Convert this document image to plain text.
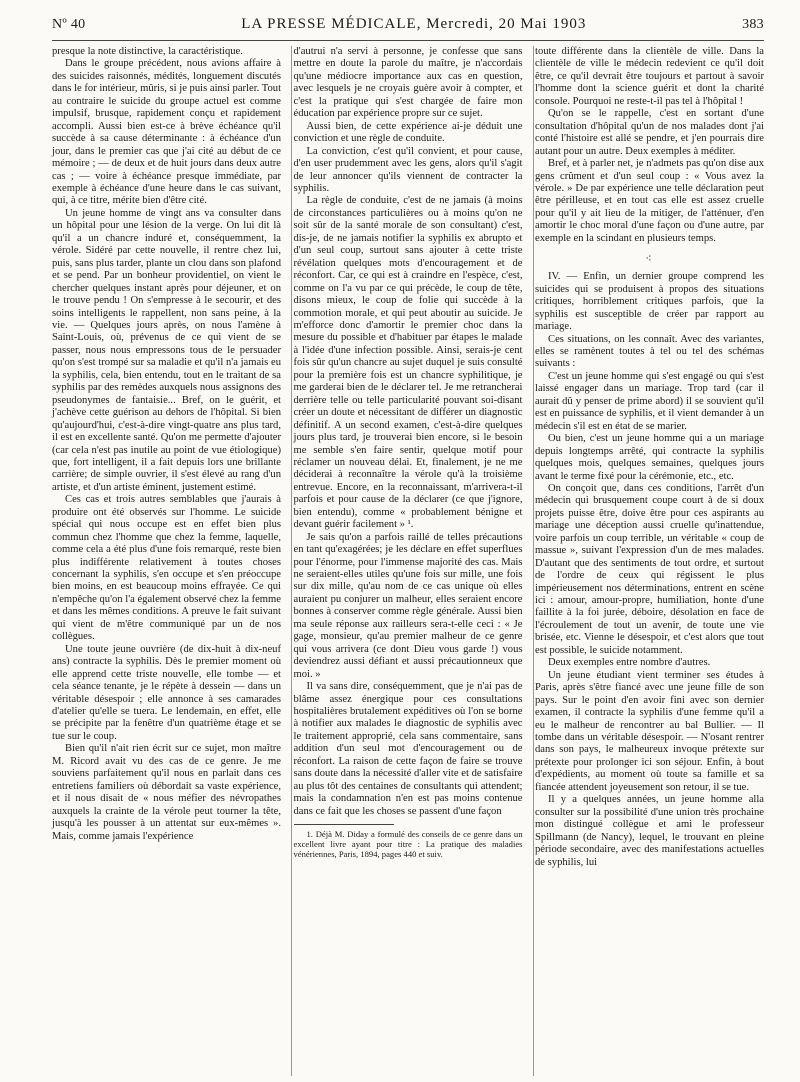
Nº 40	LA PRESSE MÉDICALE, Mercredi, 20 Mai 1903	383

presque la note distinctive, la caractéristique.

Dans le groupe précédent, nous avions affaire à des suicides raisonnés, médités, longuement discutés dans le for intérieur, mûris, si je puis ainsi parler. Tout au contraire le suicide du groupe actuel est comme impulsif, brusque, rapidement conçu et rapidement accompli. Aussi bien est-ce à brève échéance qu'il succède à sa cause déterminante : à échéance d'un jour, dans le premier cas que j'ai cité au début de ce mémoire ; — de deux et de huit jours dans deux autre cas ; — voire à échéance presque immédiate, par exemple à échéance d'une heure dans le cas suivant, qui, à ce titre, mérite bien d'être cité.

Un jeune homme de vingt ans va consulter dans un hôpital pour une lésion de la verge. On lui dit là qu'il a un chancre induré et, conséquemment, la vérole. Sidéré par cette nouvelle, il rentre chez lui, puis, sans plus tarder, plante un clou dans son plafond et se pend. Par un bonheur providentiel, on vient le chercher quelques instant après pour déjeuner, et on le trouve pendu ! On s'empresse à le secourir, et des soins intelligents le rappellent, non sans peine, à la vie. — Quelques jours après, on nous l'amène à Saint-Louis, où, prévenus de ce qui vient de se passer, nous nous empressons tous de le persuader qu'on s'est trompé sur sa maladie et qu'il n'a jamais eu la syphilis, cela, bien entendu, tout en le traitant de sa syphilis par des remèdes auxquels nous assignons des pseudonymes de fantaisie... Bref, on le guérit, et j'achève cette guérison au dehors de l'hôpital. Si bien qu'aujourd'hui, c'est-à-dire vingt-quatre ans plus tard, il est en excellente santé. Qu'on me permette d'ajouter (car cela n'est pas inutile au point de vue étiologique) que, fort intelligent, il a fait depuis lors une brillante carrière; de simple ouvrier, il s'est élevé au rang d'un artiste, et d'un artiste éminent, justement estimé.

Ces cas et trois autres semblables que j'aurais à produire ont été observés sur l'homme. Le suicide spécial qui nous occupe est en effet bien plus commun chez l'homme que chez la femme, laquelle, comme cela a été plus d'une fois remarqué, reste bien plus indifférente relativement à toutes choses concernant la syphilis, s'en occupe et s'en préoccupe bien moins, en est beaucoup moins effrayée. Ce qui n'empêche qu'on l'a également observé chez la femme et dans les mêmes conditions. A preuve le fait suivant qui vient de m'être communiqué par un de nos collègues.

Une toute jeune ouvrière (de dix-huit à dix-neuf ans) contracte la syphilis. Dès le premier moment où elle apprend cette triste nouvelle, elle tombe — et cela séance tenante, je le répète à dessein — dans un véritable désespoir ; elle annonce à ses camarades d'atelier qu'elle se tuera. Le lendemain, en effet, elle se précipite par la fenêtre d'un quatrième étage et se tue sur le coup.

Bien qu'il n'ait rien écrit sur ce sujet, mon maître M. Ricord avait vu des cas de ce genre. Je me souviens parfaitement qu'il nous en parlait dans ces entretiens familiers où débordait sa vaste expérience, et il nous disait de « nous méfier des névropathes auxquels la crainte de la vérole peut tourner la tête, jusqu'à les pousser à un attentat sur eux-mêmes ». Mais, comme jamais l'expérience

d'autrui n'a servi à personne, je confesse que sans mettre en doute la parole du maître, je n'accordais qu'une médiocre importance aux cas en question, avec lesquels je ne croyais guère avoir à compter, et c'est la pratique qui s'est chargée de faire mon éducation par expérience propre sur ce sujet.

Aussi bien, de cette expérience ai-je déduit une conviction et une règle de conduite.

La conviction, c'est qu'il convient, et pour cause, d'en user prudemment avec les gens, alors qu'il s'agit de leur annoncer qu'ils viennent de contracter la syphilis.

La règle de conduite, c'est de ne jamais (à moins de circonstances particulières ou à moins qu'on ne soit sûr de la santé morale de son consultant) c'est, dis-je, de ne jamais notifier la syphilis ex abrupto et d'un seul coup, surtout sans ajouter à cette triste révélation quelques mots d'encouragement et de réconfort. Car, ce qui est à craindre en l'espèce, c'est, comme on l'a vu par ce qui précède, le coup de tête, disons mieux, le coup de folie qui succède à la commotion morale, et qui peut aboutir au suicide. Je m'efforce donc d'amortir le premier choc dans la mesure du possible et d'habituer par étapes le malade à l'idée d'une infection possible. Ainsi, serais-je cent fois sûr qu'un chancre au sujet duquel je suis consulté pour la première fois est un chancre syphilitique, je me garderai bien de le déclarer tel. Je me retrancherai derrière telle ou telle particularité pouvant soi-disant créer un doute et nécessitant de différer un diagnostic définitif. A un second examen, c'est-à-dire quelques jours plus tard, je trouverai bien encore, si le besoin me semble s'en faire sentir, quelque motif pour réclamer un nouveau délai. Et, finalement, je ne me déciderai à reconnaître la vérole qu'à la troisième entrevue. Encore, en la reconnaissant, m'arrivera-t-il parfois et pour cause de la déclarer (ce que j'ignore, bien entendu), comme « probablement bénigne et devant guérir facilement » ¹.

Je sais qu'on a parfois raillé de telles précautions en tant qu'exagérées; je les déclare en effet superflues pour l'énorme, pour l'immense majorité des cas. Mais ne seraient-elles utiles qu'une fois sur mille, une fois sur dix mille, qu'au nom de ce cas unique où elles auraient pu conjurer un malheur, elles seraient encore bonnes à conserver comme règle générale. Aussi bien ma seule réponse aux railleurs sera-t-elle ceci : « Je gage, monsieur, qu'au premier malheur de ce genre qui vous arrivera (ce dont Dieu vous garde !) vous deviendrez aussi défiant et aussi précautionneux que moi. »

Il va sans dire, conséquemment, que je n'ai pas de blâme assez énergique pour ces consultations hospitalières brutalement expéditives où l'on se borne à notifier aux malades le diagnostic de syphilis avec le traitement approprié, cela sans commentaire, sans addition d'un seul mot d'encouragement ou de réconfort. La raison de cette façon de faire se trouve sans doute dans la nécessité d'aller vite et de satisfaire au plus tôt des centaines de consultants qui attendent; mais la condamnation n'en est pas moins contenue dans ce fait que les choses se passent d'une façon

1. Déjà M. Diday a formulé des conseils de ce genre dans un excellent livre ayant pour titre : La pratique des maladies vénériennes, Paris, 1894, pages 440 et suiv.

toute différente dans la clientèle de ville. Dans la clientèle de ville le médecin redevient ce qu'il doit être, ce qu'il devrait être toujours et partout à savoir l'homme dont la science guérit et dont la charité console. Pourquoi ne reste-t-il pas tel à l'hôpital !

Qu'on se le rappelle, c'est en sortant d'une consultation d'hôpital qu'un de nos malades dont j'ai conté l'histoire est allé se pendre, et j'en pourrais dire autant pour un autre. Deux exemples à méditer.

Bref, et à parler net, je n'admets pas qu'on dise aux gens crûment et d'un seul coup : « Vous avez la vérole. » De par expérience une telle déclaration peut être périlleuse, et en tout cas elle est assez cruelle pour qu'il y ait lieu de la mitiger, de l'atténuer, d'en amortir le choc moral d'une façon ou d'une autre, par exemple en la scindant en plusieurs temps.

⁖

IV. — Enfin, un dernier groupe comprend les suicides qui se produisent à propos des situations critiques, horriblement critiques parfois, que la syphilis est susceptible de créer par rapport au mariage.

Ces situations, on les connaît. Avec des variantes, elles se ramènent toutes à tel ou tel des schémas suivants :

C'est un jeune homme qui s'est engagé ou qui s'est laissé engager dans un mariage. Trop tard (car il aurait dû y penser de prime abord) il se souvient qu'il est en puissance de syphilis, et il vient demander à un médecin s'il est en état de se marier.

Ou bien, c'est un jeune homme qui a un mariage depuis longtemps arrêté, qui contracte la syphilis quelques mois, quelques semaines, quelques jours avant le terme fixé pour la cérémonie, etc., etc.

On conçoit que, dans ces conditions, l'arrêt d'un médecin qui brusquement coupe court à de si doux projets puisse être, doive être pour ces aspirants au mariage une déception aussi cruelle qu'inattendue, voire parfois un coup terrible, un véritable « coup de massue », suivant l'expression d'un de mes malades. D'autant que des sentiments de tout ordre, et surtout de l'ordre de ceux qui régissent le plus impérieusement nos déterminations, entrent en scène ici : amour, amour-propre, humiliation, honte d'une faillite à la foi jurée, déboire, désolation en face de l'écroulement de tout un avenir, de toute une vie brisée, etc. Vienne le désespoir, et c'est alors que tout est possible, le suicide notamment.

Deux exemples entre nombre d'autres.

Un jeune étudiant vient terminer ses études à Paris, après s'être fiancé avec une jeune fille de son pays. Sur le point d'en avoir fini avec son dernier examen, il contracte la syphilis d'une femme qu'il a eu le malheur de rencontrer au bal Bullier. — Il tombe dans un véritable désespoir. — N'osant rentrer dans son pays, le malheureux invoque prétexte sur prétexte pour prolonger ici son séjour. Enfin, à bout d'expédients, au moment où toute sa famille et sa fiancée attendent joyeusement son retour, il se tue.

Il y a quelques années, un jeune homme alla consulter sur la possibilité d'une union très prochaine mon distingué collègue et ami le professeur Spillmann (de Nancy), lequel, le trouvant en pleine période secondaire, avec des manifestations actuelles de syphilis, lui
